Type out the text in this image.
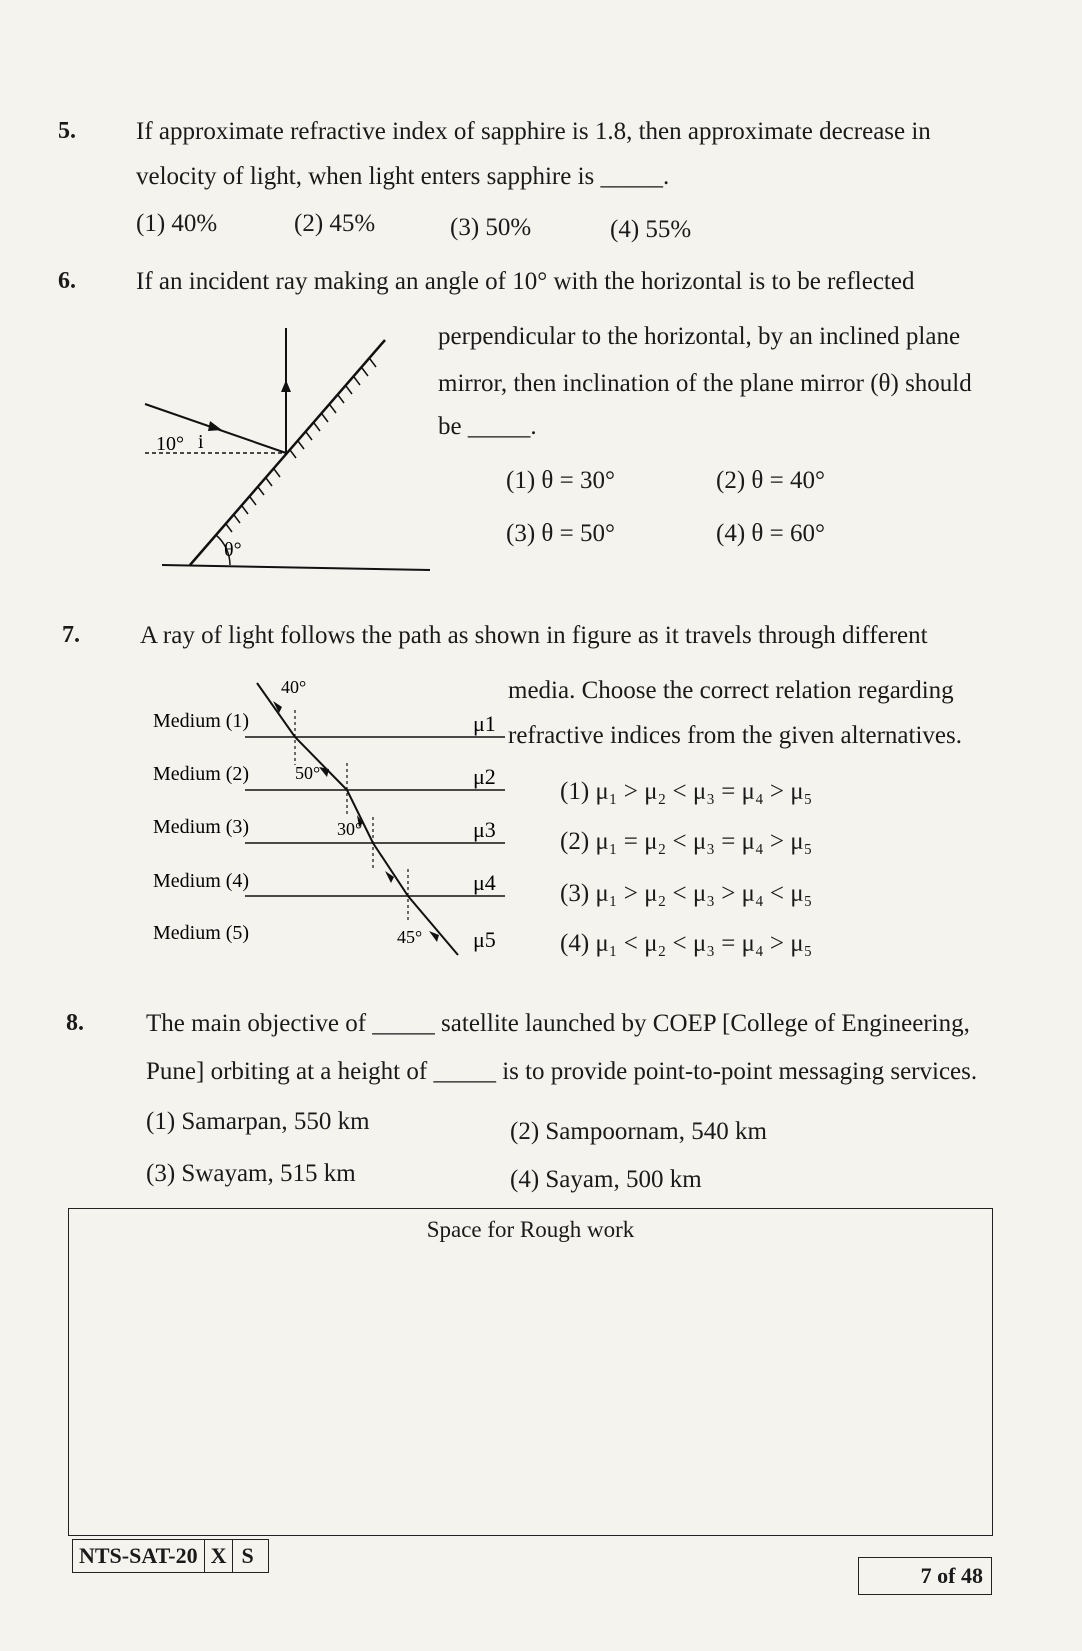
5. If approximate refractive index of sapphire is 1.8, then approximate decrease in
velocity of light, when light enters sapphire is _____.
(1) 40%	(2) 45%	(3) 50%	(4) 55%
6. If an incident ray making an angle of 10° with the horizontal is to be reflected
perpendicular to the horizontal, by an inclined plane
mirror, then inclination of the plane mirror (θ) should
be _____.
(1) θ = 30°	(2) θ = 40°
(3) θ = 50°	(4) θ = 60°
10° i
θ°
7. A ray of light follows the path as shown in figure as it travels through different
media. Choose the correct relation regarding
refractive indices from the given alternatives.
(1) μ₁ > μ₂ < μ₃ = μ₄ > μ₅
(2) μ₁ = μ₂ < μ₃ = μ₄ > μ₅
(3) μ₁ > μ₂ < μ₃ > μ₄ < μ₅
(4) μ₁ < μ₂ < μ₃ = μ₄ > μ₅
Medium (1)
Medium (2)
Medium (3)
Medium (4)
Medium (5)
μ1
μ2
μ3
μ4
μ5
40°
50°
30°
45°
8. The main objective of _____ satellite launched by COEP [College of Engineering,
Pune] orbiting at a height of _____ is to provide point-to-point messaging services.
(1) Samarpan, 550 km	(2) Sampoornam, 540 km
(3) Swayam, 515 km	(4) Sayam, 500 km
Space for Rough work
NTS-SAT-20 X S
7 of 48
